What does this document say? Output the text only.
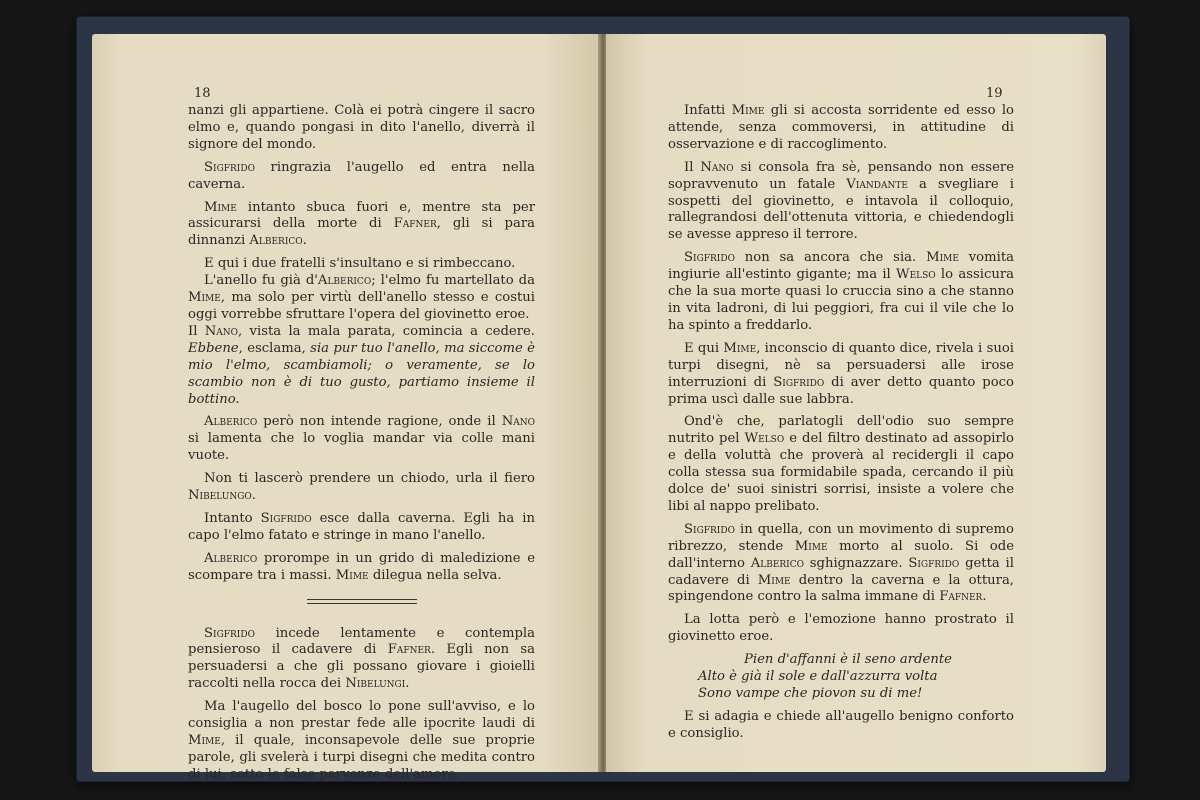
18

nanzi gli appartiene. Colà ei potrà cingere il sacro elmo e, quando pongasi in dito l'anello, diverrà il signore del mondo.

Sigfrido ringrazia l'augello ed entra nella caverna.

Mime intanto sbuca fuori e, mentre sta per assicurarsi della morte di Fafner, gli si para dinnanzi Alberico.

E qui i due fratelli s'insultano e si rimbeccano.

L'anello fu già d'Alberico; l'elmo fu martellato da Mime, ma solo per virtù dell'anello stesso e costui oggi vorrebbe sfruttare l'opera del giovinetto eroe.

Il Nano, vista la mala parata, comincia a cedere. Ebbene, esclama, sia pur tuo l'anello, ma siccome è mio l'elmo, scambiamoli; o veramente, se lo scambio non è di tuo gusto, partiamo insieme il bottino.

Alberico però non intende ragione, onde il Nano si lamenta che lo voglia mandar via colle mani vuote.

Non ti lascerò prendere un chiodo, urla il fiero Nibelungo.

Intanto Sigfrido esce dalla caverna. Egli ha in capo l'elmo fatato e stringe in mano l'anello.

Alberico prorompe in un grido di maledizione e scompare tra i massi. Mime dilegua nella selva.

Sigfrido incede lentamente e contempla pensieroso il cadavere di Fafner. Egli non sa persuadersi a che gli possano giovare i gioielli raccolti nella rocca dei Nibelungi.

Ma l'augello del bosco lo pone sull'avviso, e lo consiglia a non prestar fede alle ipocrite laudi di Mime, il quale, inconsapevole delle sue proprie parole, gli svelerà i turpi disegni che medita contro di lui, sotto le false parvenze dell'amore.

19

Infatti Mime gli si accosta sorridente ed esso lo attende, senza commoversi, in attitudine di osservazione e di raccoglimento.

Il Nano si consola fra sè, pensando non essere sopravvenuto un fatale Viandante a svegliare i sospetti del giovinetto, e intavola il colloquio, rallegrandosi dell'ottenuta vittoria, e chiedendogli se avesse appreso il terrore.

Sigfrido non sa ancora che sia. Mime vomita ingiurie all'estinto gigante; ma il Welso lo assicura che la sua morte quasi lo cruccia sino a che stanno in vita ladroni, di lui peggiori, fra cui il vile che lo ha spinto a freddarlo.

E qui Mime, inconscio di quanto dice, rivela i suoi turpi disegni, nè sa persuadersi alle irose interruzioni di Sigfrido di aver detto quanto poco prima uscì dalle sue labbra.

Ond'è che, parlatogli dell'odio suo sempre nutrito pel Welso e del filtro destinato ad assopirlo e della voluttà che proverà al recidergli il capo colla stessa sua formidabile spada, cercando il più dolce de' suoi sinistri sorrisi, insiste a volere che libi al nappo prelibato.

Sigfrido in quella, con un movimento di supremo ribrezzo, stende Mime morto al suolo. Si ode dall'interno Alberico sghignazzare. Sigfrido getta il cadavere di Mime dentro la caverna e la ottura, spingendone contro la salma immane di Fafner.

La lotta però e l'emozione hanno prostrato il giovinetto eroe.

Pien d'affanni è il seno ardente
Alto è già il sole e dall'azzurra volta
Sono vampe che piovon su di me!

E si adagia e chiede all'augello benigno conforto e consiglio.
